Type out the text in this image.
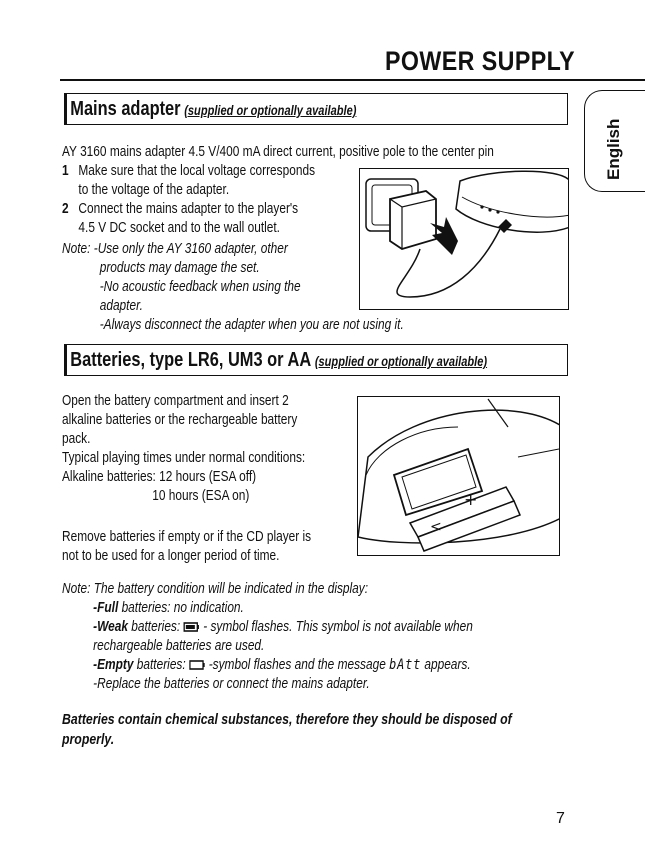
POWER SUPPLY
English
Mains adapter (supplied or optionally available)
AY 3160 mains adapter 4.5 V/400 mA direct current, positive pole to the center pin
1 Make sure that the local voltage corresponds
to the voltage of the adapter.
2 Connect the mains adapter to the player's
4.5 V DC socket and to the wall outlet.
Note: -Use only the AY 3160 adapter, other
products may damage the set.
-No acoustic feedback when using the
adapter.
-Always disconnect the adapter when you are not using it.
Batteries, type LR6, UM3 or AA (supplied or optionally available)
Open the battery compartment and insert 2
alkaline batteries or the rechargeable battery
pack.
Typical playing times under normal conditions:
Alkaline batteries: 12 hours (ESA off)
10 hours (ESA on)
Remove batteries if empty or if the CD player is
not to be used for a longer period of time.
+
<
Note: The battery condition will be indicated in the display:
-Full batteries: no indication.
-Weak batteries: - symbol flashes. This symbol is not available when
rechargeable batteries are used.
-Empty batteries: -symbol flashes and the message bAtt appears.
-Replace the batteries or connect the mains adapter.
Batteries contain chemical substances, therefore they should be disposed of
properly.
7
